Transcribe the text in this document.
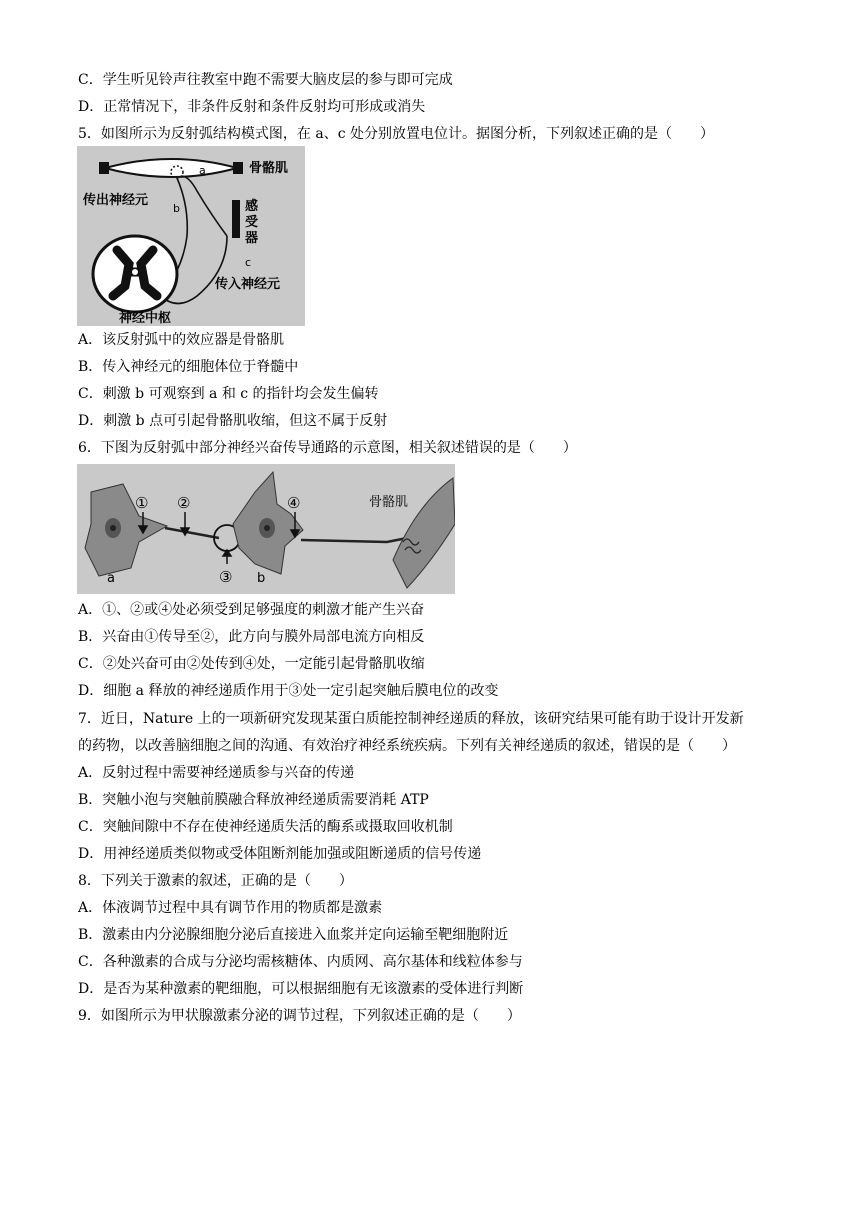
C．学生听见铃声往教室中跑不需要大脑皮层的参与即可完成
D．正常情况下，非条件反射和条件反射均可形成或消失
5．如图所示为反射弧结构模式图，在 a、c 处分别放置电位计。据图分析，下列叙述正确的是（　　）
骨骼肌
传出神经元
a
b
c
感
受
器
传入神经元
神经中枢
A．该反射弧中的效应器是骨骼肌
B．传入神经元的细胞体位于脊髓中
C．刺激 b 可观察到 a 和 c 的指针均会发生偏转
D．刺激 b 点可引起骨骼肌收缩，但这不属于反射
6．下图为反射弧中部分神经兴奋传导通路的示意图，相关叙述错误的是（　　）
① ②	④
③
骨骼肌
a	b
A．①、②或④处必须受到足够强度的刺激才能产生兴奋
B．兴奋由①传导至②，此方向与膜外局部电流方向相反
C．②处兴奋可由②处传到④处，一定能引起骨骼肌收缩
D．细胞 a 释放的神经递质作用于③处一定引起突触后膜电位的改变
7．近日，Nature 上的一项新研究发现某蛋白质能控制神经递质的释放，该研究结果可能有助于设计开发新
的药物，以改善脑细胞之间的沟通、有效治疗神经系统疾病。下列有关神经递质的叙述，错误的是（　　）
A．反射过程中需要神经递质参与兴奋的传递
B．突触小泡与突触前膜融合释放神经递质需要消耗 ATP
C．突触间隙中不存在使神经递质失活的酶系或摄取回收机制
D．用神经递质类似物或受体阻断剂能加强或阻断递质的信号传递
8．下列关于激素的叙述，正确的是（　　）
A．体液调节过程中具有调节作用的物质都是激素
B．激素由内分泌腺细胞分泌后直接进入血浆并定向运输至靶细胞附近
C．各种激素的合成与分泌均需核糖体、内质网、高尔基体和线粒体参与
D．是否为某种激素的靶细胞，可以根据细胞有无该激素的受体进行判断
9．如图所示为甲状腺激素分泌的调节过程，下列叙述正确的是（　　）
